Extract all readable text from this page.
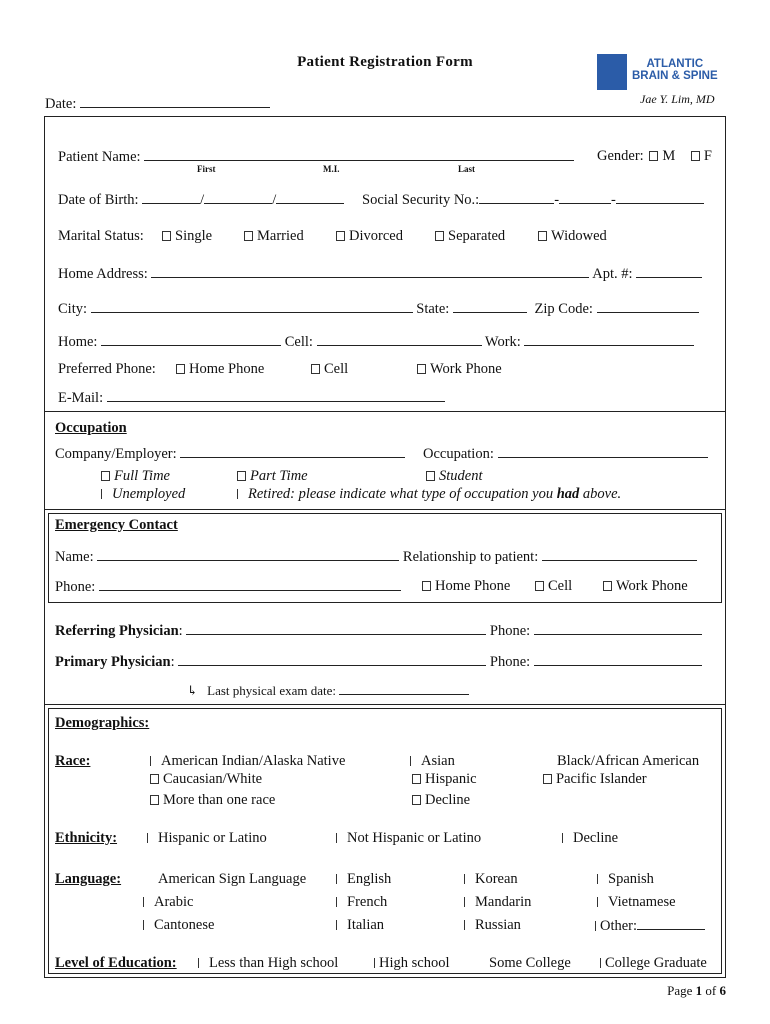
Patient Registration Form	ATLANTIC
BRAIN & SPINE
Jae Y. Lim, MD
Date:
Patient Name:
First	M.I.	Last
Gender: M F
Date of Birth:	/	/	Social Security No.:	-	-
Marital Status:	Single	Married	Divorced	Separated	Widowed
Home Address:	Apt. #:
City:	State:	Zip Code:
Home:	Cell:	Work:
Preferred Phone:	Home Phone	Cell	Work Phone
E-Mail:
Occupation
Company/Employer:	Occupation:
Full Time	Part Time	Student
Unemployed	Retired: please indicate what type of occupation you had above.
Emergency Contact
Name:	Relationship to patient:
Phone:	Home Phone	Cell	Work Phone
Referring Physician:	Phone:
Primary Physician:	Phone:
↳ Last physical exam date:
Demographics:
Race:	American Indian/Alaska Native	Asian	Black/African American
Caucasian/White	Hispanic	Pacific Islander
More than one race	Decline
Ethnicity:	Hispanic or Latino	Not Hispanic or Latino	Decline
Language:	American Sign Language	English	Korean	Spanish
Arabic	French	Mandarin	Vietnamese
Cantonese	Italian	Russian	Other:
Level of Education:	Less than High school	High school	Some College	College Graduate
Page 1 of 6
